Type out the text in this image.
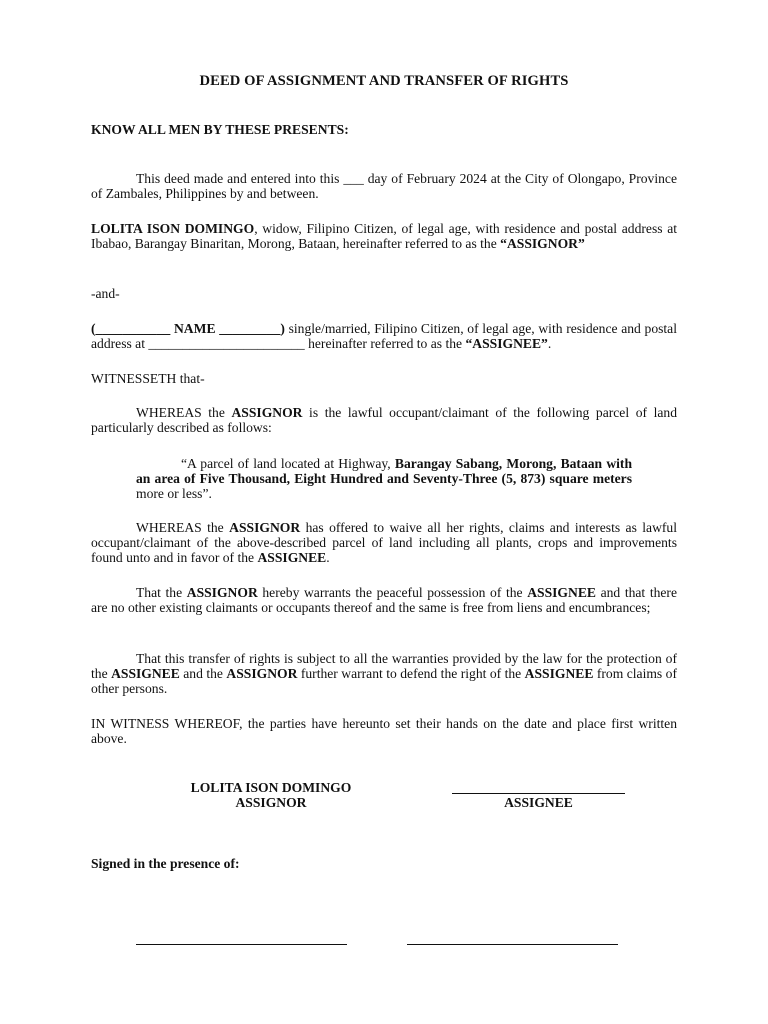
DEED OF ASSIGNMENT AND TRANSFER OF RIGHTS
KNOW ALL MEN BY THESE PRESENTS:
This deed made and entered into this ___ day of February 2024 at the City of Olongapo, Province of Zambales, Philippines by and between.
LOLITA ISON DOMINGO, widow, Filipino Citizen, of legal age, with residence and postal address at Ibabao, Barangay Binaritan, Morong, Bataan, hereinafter referred to as the “ASSIGNOR”
-and-
(___________ NAME _________) single/married, Filipino Citizen, of legal age, with residence and postal address at _______________________ hereinafter referred to as the “ASSIGNEE”.
WITNESSETH that-
WHEREAS the ASSIGNOR is the lawful occupant/claimant of the following parcel of land particularly described as follows:
“A parcel of land located at Highway, Barangay Sabang, Morong, Bataan with an area of Five Thousand, Eight Hundred and Seventy-Three (5, 873) square meters more or less”.
WHEREAS the ASSIGNOR has offered to waive all her rights, claims and interests as lawful occupant/claimant of the above-described parcel of land including all plants, crops and improvements found unto and in favor of the ASSIGNEE.
That the ASSIGNOR hereby warrants the peaceful possession of the ASSIGNEE and that there are no other existing claimants or occupants thereof and the same is free from liens and encumbrances;
That this transfer of rights is subject to all the warranties provided by the law for the protection of the ASSIGNEE and the ASSIGNOR further warrant to defend the right of the ASSIGNEE from claims of other persons.
IN WITNESS WHEREOF, the parties have hereunto set their hands on the date and place first written above.
LOLITA ISON DOMINGO
ASSIGNOR	ASSIGNEE
Signed in the presence of:
